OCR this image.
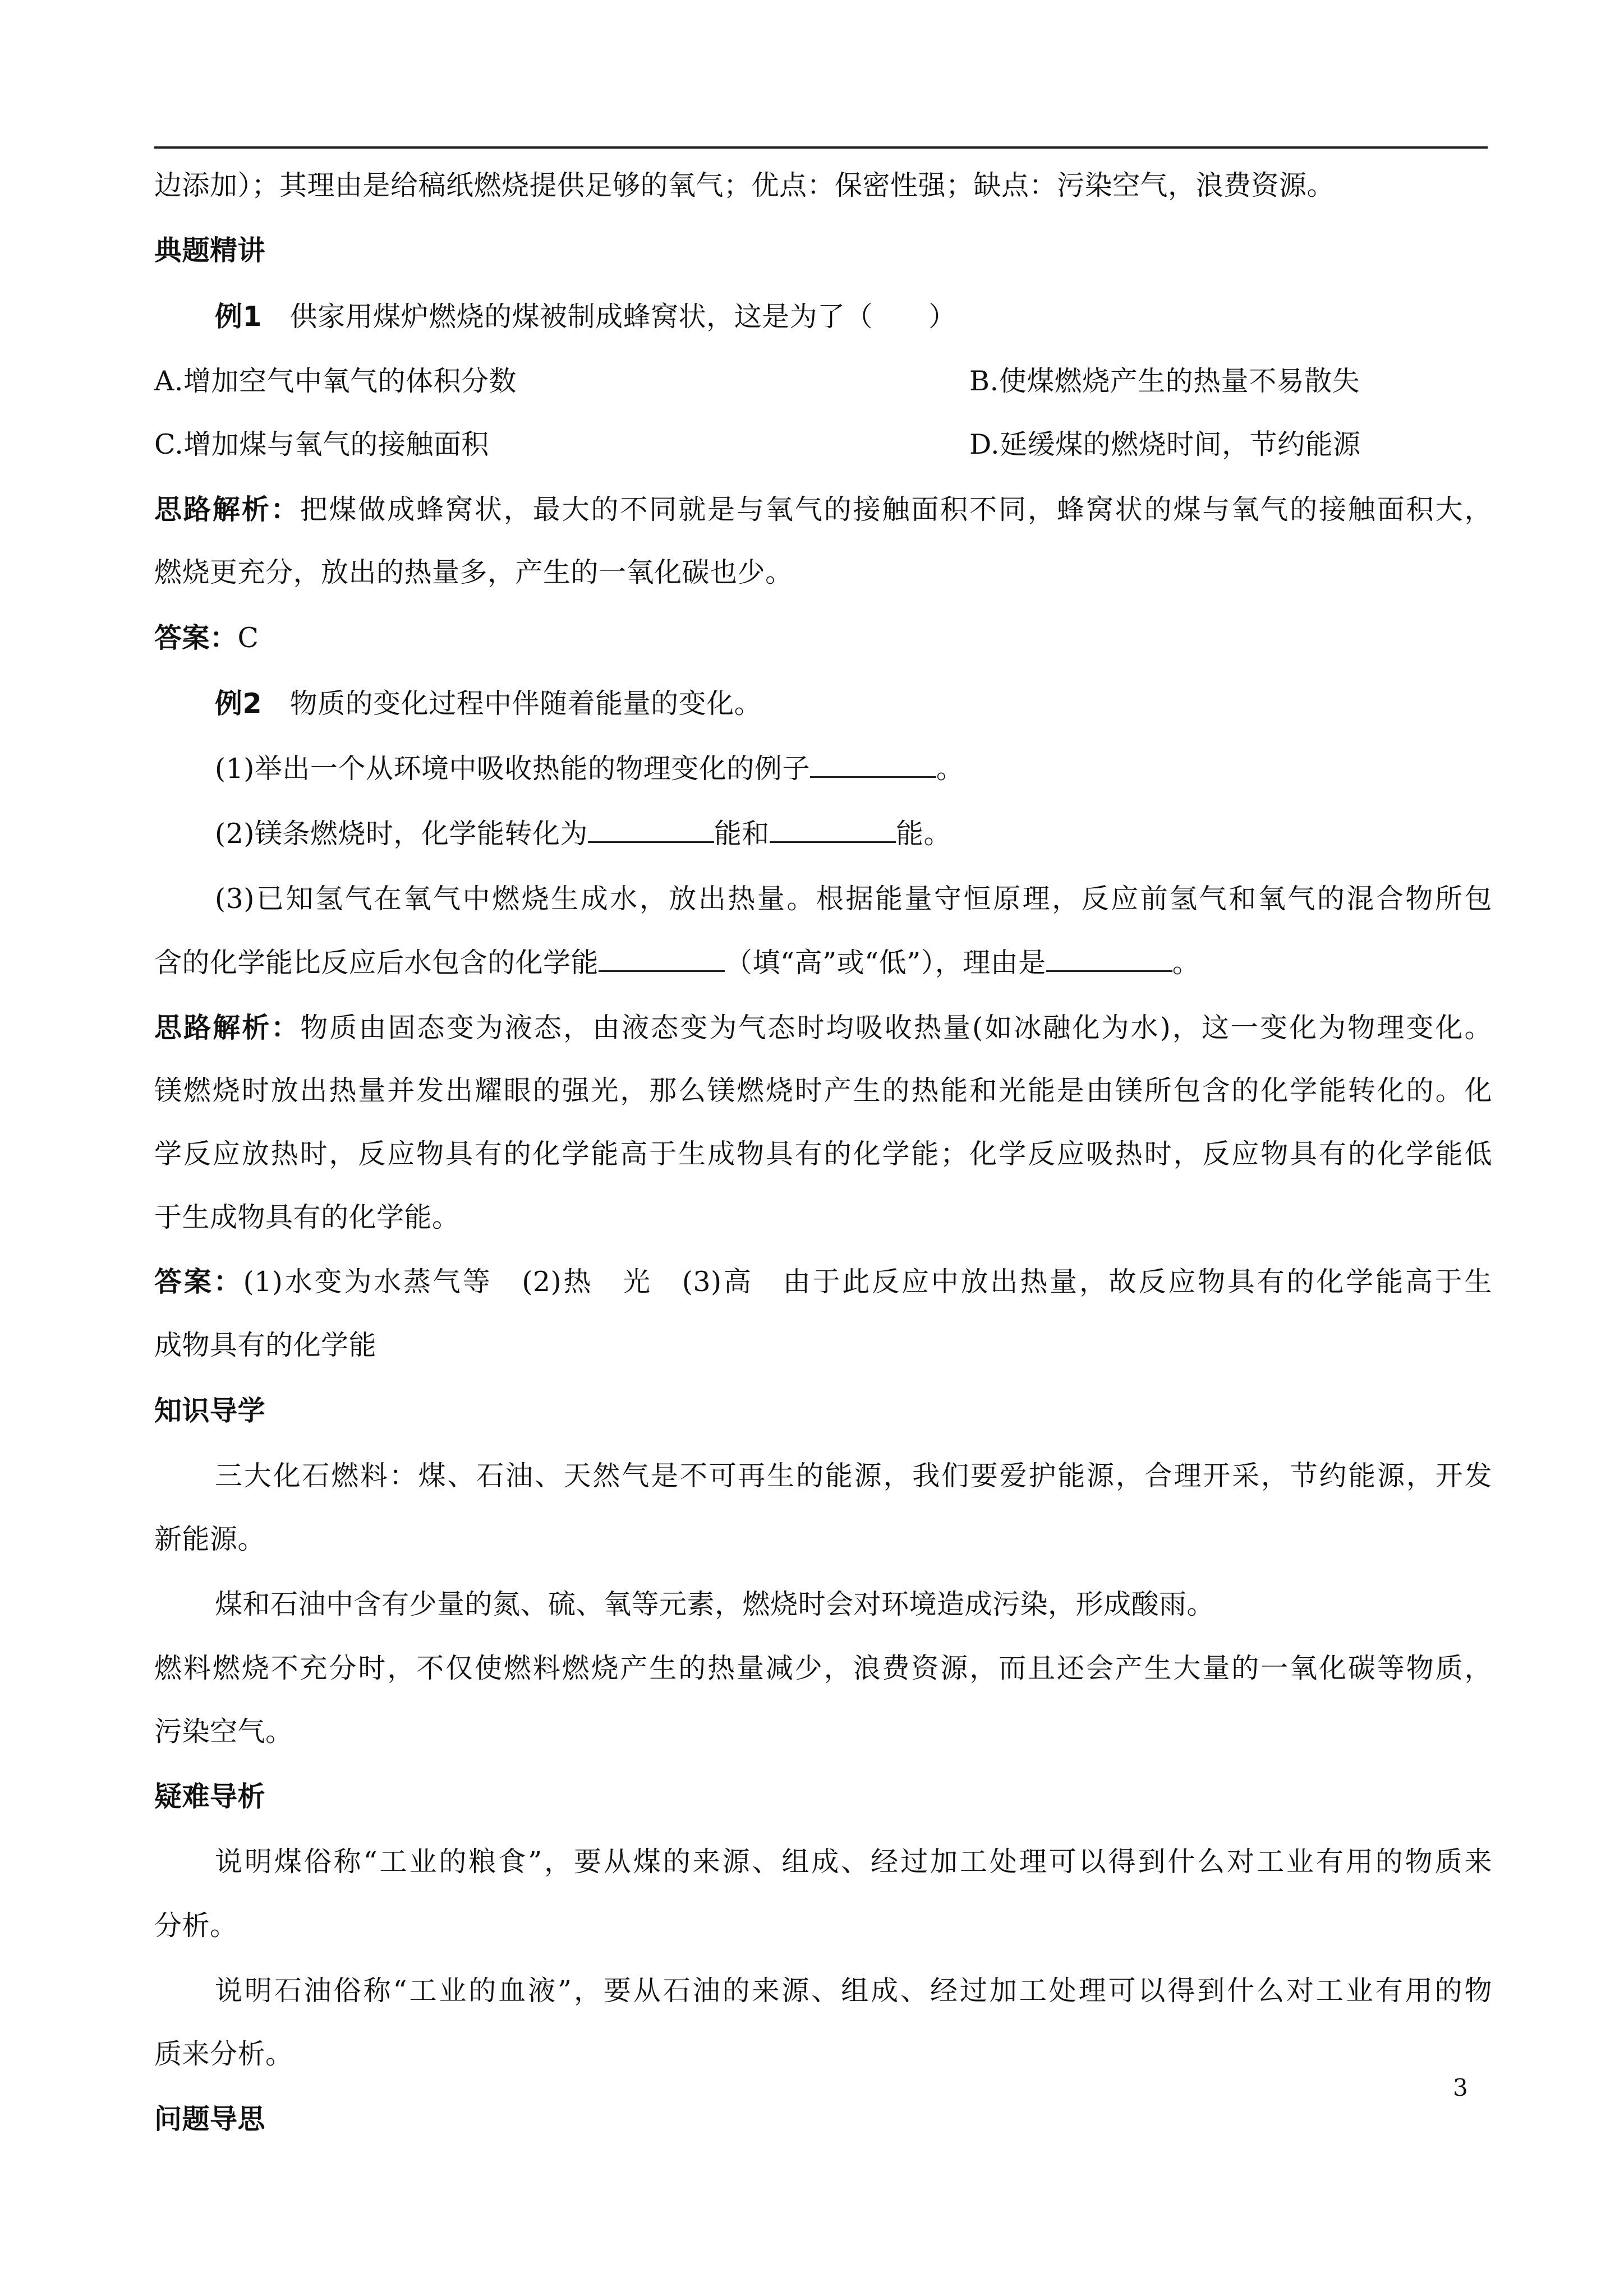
边添加）；其理由是给稿纸燃烧提供足够的氧气；优点：保密性强；缺点：污染空气，浪费资源。
典题精讲
例1　 供家用煤炉燃烧的煤被制成蜂窝状，这是为了（　　）
A.增加空气中氧气的体积分数	B.使煤燃烧产生的热量不易散失
C.增加煤与氧气的接触面积	D.延缓煤的燃烧时间，节约能源
思路解析：把煤做成蜂窝状，最大的不同就是与氧气的接触面积不同，蜂窝状的煤与氧气的接触面积大，
燃烧更充分，放出的热量多，产生的一氧化碳也少。
答案：C
例2　 物质的变化过程中伴随着能量的变化。
(1)举出一个从环境中吸收热能的物理变化的例子	。
(2)镁条燃烧时，化学能转化为	能和	能。
(3)已知氢气在氧气中燃烧生成水，放出热量。根据能量守恒原理，反应前氢气和氧气的混合物所包
含的化学能比反应后水包含的化学能	（填“高”或“低”），理由是	。
思路解析：物质由固态变为液态，由液态变为气态时均吸收热量(如冰融化为水)，这一变化为物理变化。
镁燃烧时放出热量并发出耀眼的强光，那么镁燃烧时产生的热能和光能是由镁所包含的化学能转化的。化
学反应放热时，反应物具有的化学能高于生成物具有的化学能；化学反应吸热时，反应物具有的化学能低
于生成物具有的化学能。
答案：(1)水变为水蒸气等　(2)热　光　(3)高　由于此反应中放出热量，故反应物具有的化学能高于生
成物具有的化学能
知识导学
三大化石燃料：煤、石油、天然气是不可再生的能源，我们要爱护能源，合理开采，节约能源，开发
新能源。
煤和石油中含有少量的氮、硫、氧等元素，燃烧时会对环境造成污染，形成酸雨。
燃料燃烧不充分时，不仅使燃料燃烧产生的热量减少，浪费资源，而且还会产生大量的一氧化碳等物质，
污染空气。
疑难导析
说明煤俗称“工业的粮食”，要从煤的来源、组成、经过加工处理可以得到什么对工业有用的物质来
分析。
说明石油俗称“工业的血液”，要从石油的来源、组成、经过加工处理可以得到什么对工业有用的物
质来分析。
问题导思
3
